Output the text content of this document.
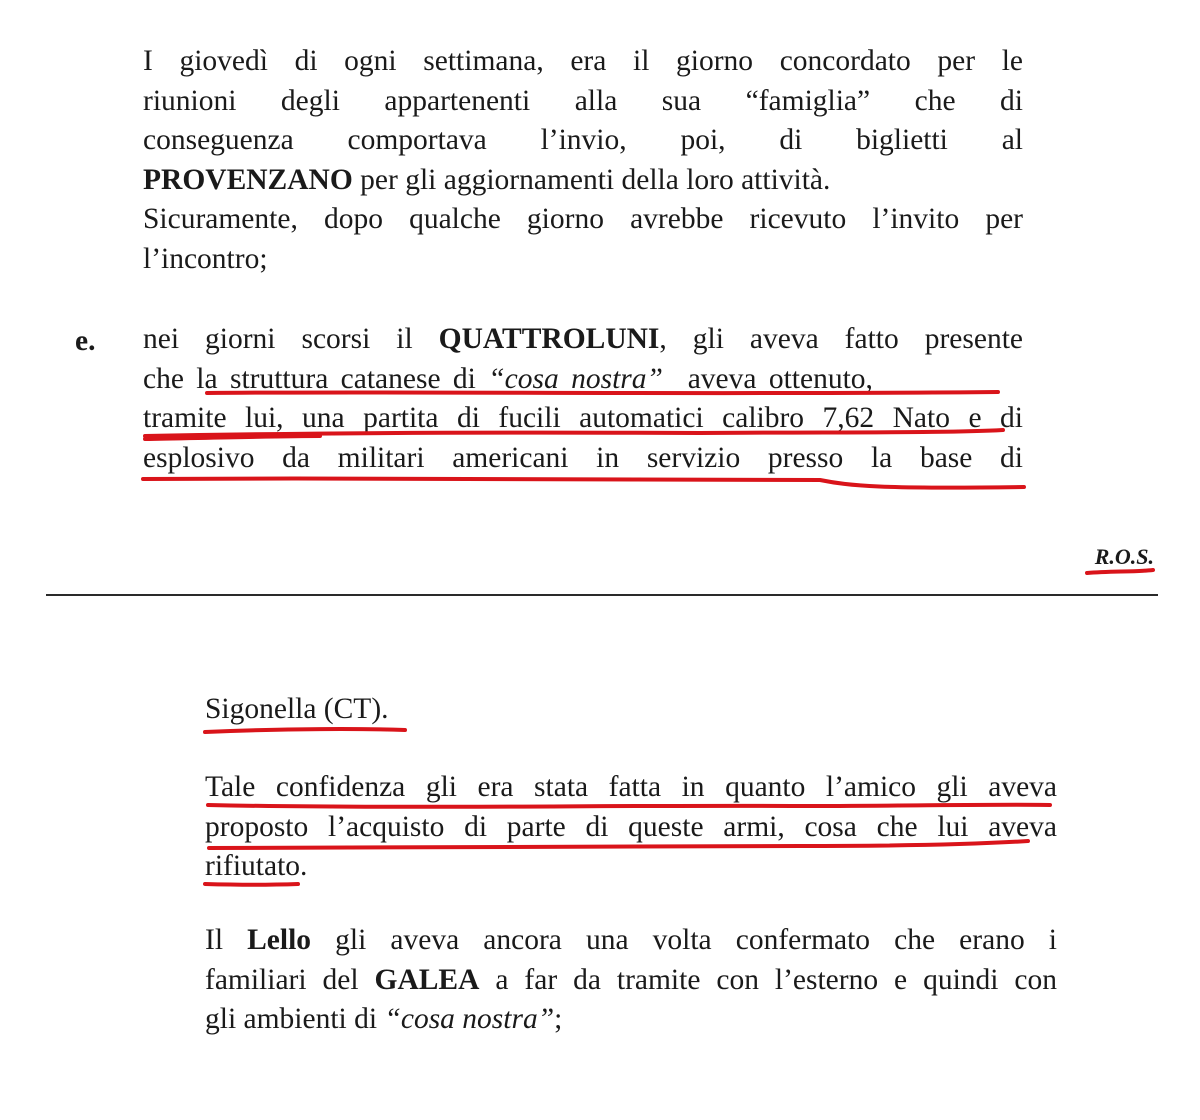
I giovedì di ogni settimana, era il giorno concordato per le
riunioni degli appartenenti alla sua “famiglia” che di
conseguenza comportava l’invio, poi, di biglietti al
PROVENZANO per gli aggiornamenti della loro attività.
Sicuramente, dopo qualche giorno avrebbe ricevuto l’invito per
l’incontro;
e. nei giorni scorsi il QUATTROLUNI, gli aveva fatto presente
che la struttura catanese di “cosa nostra”  aveva ottenuto,
tramite lui, una partita di fucili automatici calibro 7,62 Nato e di
esplosivo da militari americani in servizio presso la base di
R.O.S.
Sigonella (CT).
Tale confidenza gli era stata fatta in quanto l’amico gli aveva
proposto l’acquisto di parte di queste armi, cosa che lui aveva
rifiutato.
Il Lello gli aveva ancora una volta confermato che erano i
familiari del GALEA a far da tramite con l’esterno e quindi con
gli ambienti di “cosa nostra”;
